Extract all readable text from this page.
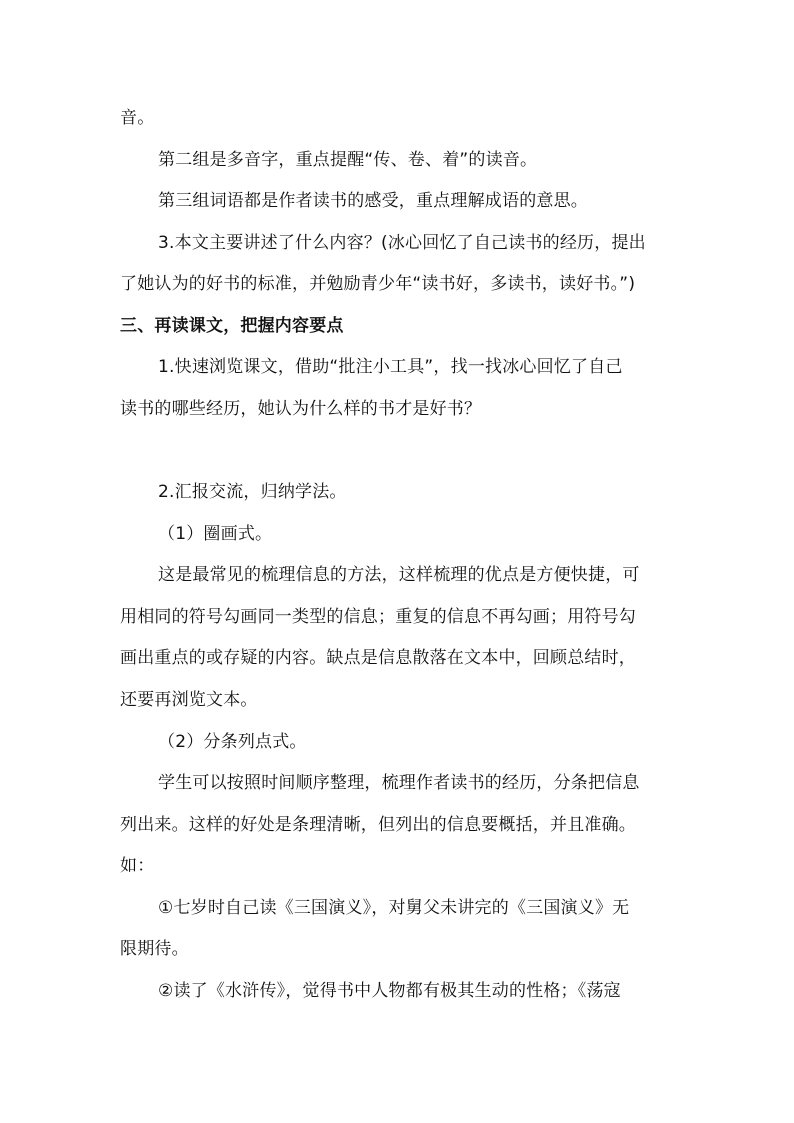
音。
第二组是多音字，重点提醒“传、卷、着”的读音。
第三组词语都是作者读书的感受，重点理解成语的意思。
3.本文主要讲述了什么内容？(冰心回忆了自己读书的经历，提出
了她认为的好书的标准，并勉励青少年“读书好，多读书，读好书。”)
三、再读课文，把握内容要点
1.快速浏览课文，借助“批注小工具”，找一找冰心回忆了自己
读书的哪些经历，她认为什么样的书才是好书？
2.汇报交流，归纳学法。
（1）圈画式。
这是最常见的梳理信息的方法，这样梳理的优点是方便快捷，可
用相同的符号勾画同一类型的信息；重复的信息不再勾画；用符号勾
画出重点的或存疑的内容。缺点是信息散落在文本中，回顾总结时，
还要再浏览文本。
（2）分条列点式。
学生可以按照时间顺序整理，梳理作者读书的经历，分条把信息
列出来。这样的好处是条理清晰，但列出的信息要概括，并且准确。
如：
①七岁时自己读《三国演义》，对舅父未讲完的《三国演义》无
限期待。
②读了《水浒传》，觉得书中人物都有极其生动的性格；《荡寇
